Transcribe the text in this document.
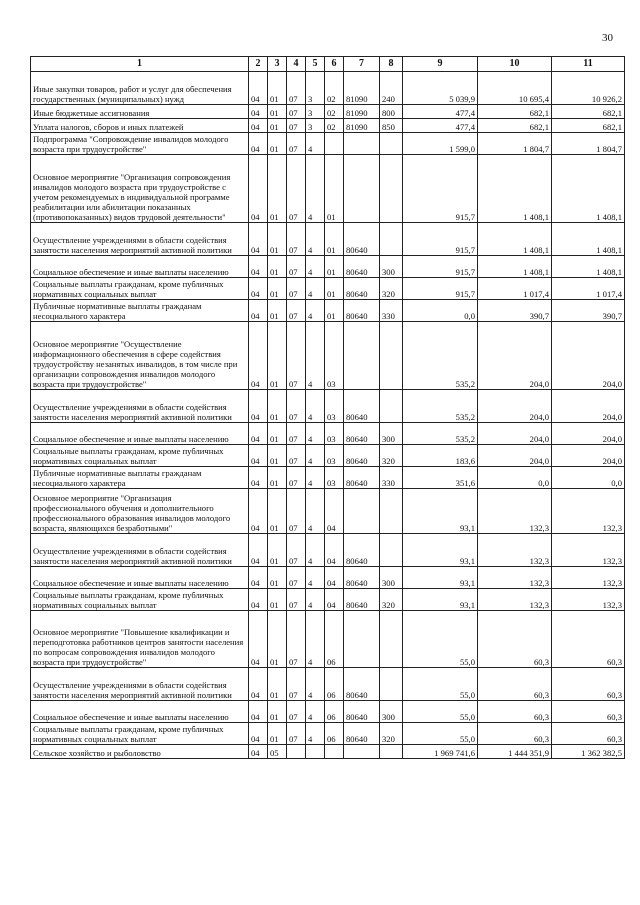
30
1	2	3	4	5	6	7	8	9	10	11
Иные закупки товаров, работ и услуг для обеспечения государственных (муниципальных) нужд	04	01	07	3	02	81090	240	5 039,9	10 695,4	10 926,2
Иные бюджетные ассигнования	04	01	07	3	02	81090	800	477,4	682,1	682,1
Уплата налогов, сборов и иных платежей	04	01	07	3	02	81090	850	477,4	682,1	682,1
Подпрограмма "Сопровождение инвалидов молодого возраста при трудоустройстве"	04	01	07	4				1 599,0	1 804,7	1 804,7
Основное мероприятие "Организация сопровождения инвалидов молодого возраста при трудоустройстве с учетом рекомендуемых в индивидуальной программе реабилитации или абилитации показанных (противопоказанных) видов трудовой деятельности"	04	01	07	4	01			915,7	1 408,1	1 408,1
Осуществление учреждениями в области содействия занятости населения мероприятий активной политики	04	01	07	4	01	80640		915,7	1 408,1	1 408,1
Социальное обеспечение и иные выплаты населению	04	01	07	4	01	80640	300	915,7	1 408,1	1 408,1
Социальные выплаты гражданам, кроме публичных нормативных социальных выплат	04	01	07	4	01	80640	320	915,7	1 017,4	1 017,4
Публичные нормативные выплаты гражданам несоциального характера	04	01	07	4	01	80640	330	0,0	390,7	390,7
Основное мероприятие "Осуществление информационного обеспечения в сфере содействия трудоустройству незанятых инвалидов, в том числе при организации сопровождения инвалидов молодого возраста при трудоустройстве"	04	01	07	4	03			535,2	204,0	204,0
Осуществление учреждениями в области содействия занятости населения мероприятий активной политики	04	01	07	4	03	80640		535,2	204,0	204,0
Социальное обеспечение и иные выплаты населению	04	01	07	4	03	80640	300	535,2	204,0	204,0
Социальные выплаты гражданам, кроме публичных нормативных социальных выплат	04	01	07	4	03	80640	320	183,6	204,0	204,0
Публичные нормативные выплаты гражданам несоциального характера	04	01	07	4	03	80640	330	351,6	0,0	0,0
Основное мероприятие "Организация профессионального обучения и дополнительного профессионального образования инвалидов молодого возраста, являющихся безработными"	04	01	07	4	04			93,1	132,3	132,3
Осуществление учреждениями в области содействия занятости населения мероприятий активной политики	04	01	07	4	04	80640		93,1	132,3	132,3
Социальное обеспечение и иные выплаты населению	04	01	07	4	04	80640	300	93,1	132,3	132,3
Социальные выплаты гражданам, кроме публичных нормативных социальных выплат	04	01	07	4	04	80640	320	93,1	132,3	132,3
Основное мероприятие "Повышение квалификации и переподготовка работников центров занятости населения по вопросам сопровождения инвалидов молодого возраста при трудоустройстве"	04	01	07	4	06			55,0	60,3	60,3
Осуществление учреждениями в области содействия занятости населения мероприятий активной политики	04	01	07	4	06	80640		55,0	60,3	60,3
Социальное обеспечение и иные выплаты населению	04	01	07	4	06	80640	300	55,0	60,3	60,3
Социальные выплаты гражданам, кроме публичных нормативных социальных выплат	04	01	07	4	06	80640	320	55,0	60,3	60,3
Сельское хозяйство и рыболовство	04	05						1 969 741,6	1 444 351,9	1 362 382,5
